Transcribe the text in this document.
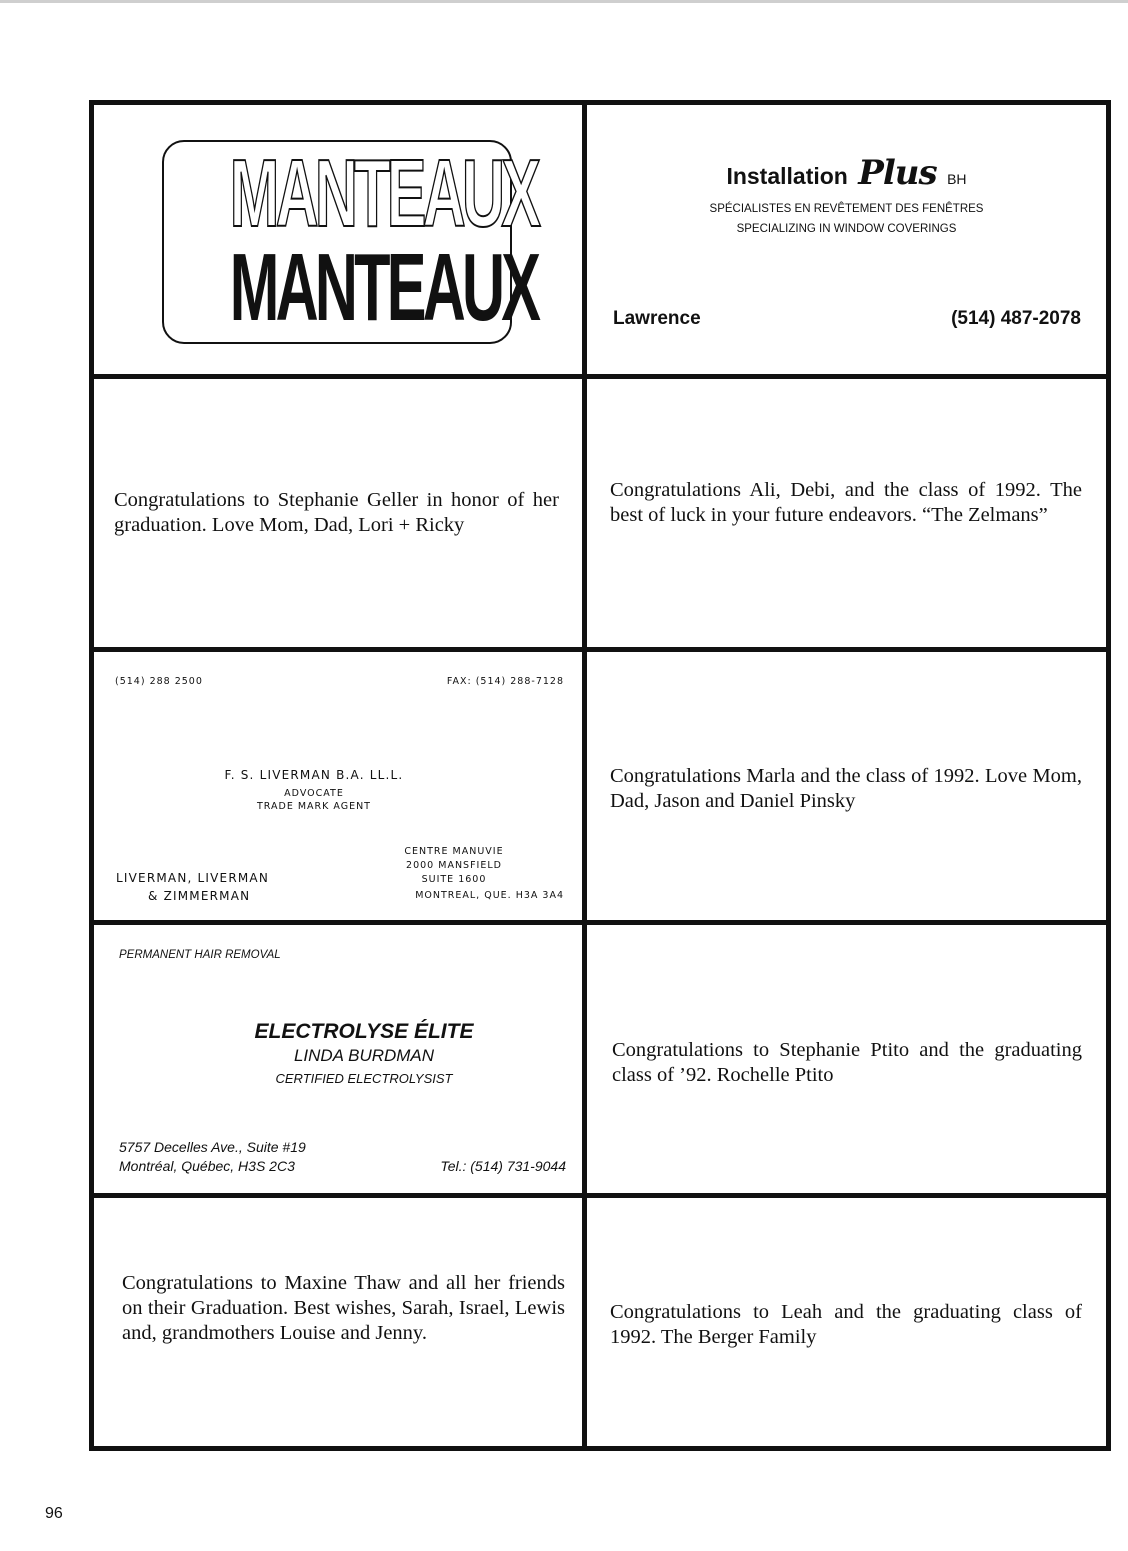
MANTEAUX
MANTEAUX
Installation Plus BH
SPÉCIALISTES EN REVÊTEMENT DES FENÊTRES
SPECIALIZING IN WINDOW COVERINGS
Lawrence	(514) 487-2078

Congratulations to Stephanie Geller in honor of her graduation. Love Mom, Dad, Lori + Ricky

Congratulations Ali, Debi, and the class of 1992. The best of luck in your future endeavors. “The Zelmans”

(514) 288 2500	FAX: (514) 288-7128
F. S. LIVERMAN B.A. LL.L.
ADVOCATE
TRADE MARK AGENT
LIVERMAN, LIVERMAN
& ZIMMERMAN
CENTRE MANUVIE
2000 MANSFIELD
SUITE 1600
MONTREAL, QUE. H3A 3A4

Congratulations Marla and the class of 1992. Love Mom, Dad, Jason and Daniel Pinsky

PERMANENT HAIR REMOVAL
ELECTROLYSE ÉLITE
LINDA BURDMAN
CERTIFIED ELECTROLYSIST
5757 Decelles Ave., Suite #19
Montréal, Québec, H3S 2C3	Tel.: (514) 731-9044

Congratulations to Stephanie Ptito and the graduating class of ’92. Rochelle Ptito

Congratulations to Maxine Thaw and all her friends on their Graduation. Best wishes, Sarah, Israel, Lewis and, grandmothers Louise and Jenny.

Congratulations to Leah and the graduating class of 1992. The Berger Family

96
